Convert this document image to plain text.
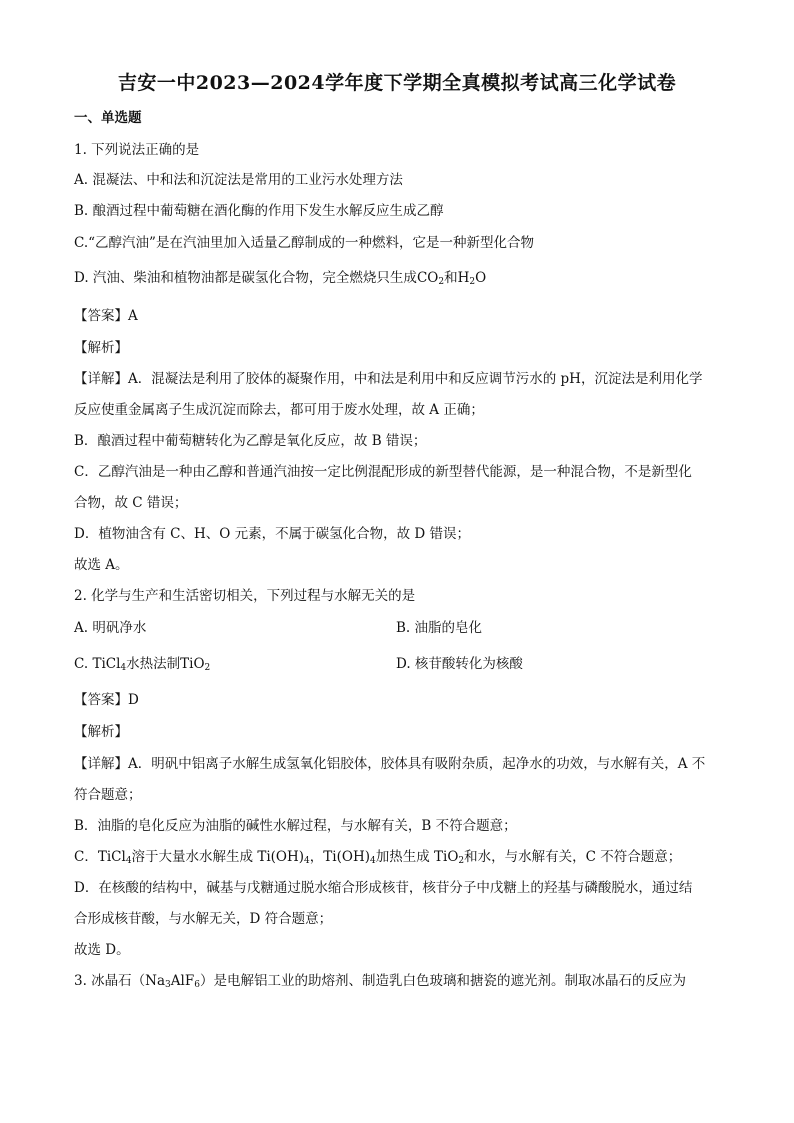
吉安一中2023—2024学年度下学期全真模拟考试高三化学试卷
一、单选题
1. 下列说法正确的是
A. 混凝法、中和法和沉淀法是常用的工业污水处理方法
B. 酿酒过程中葡萄糖在酒化酶的作用下发生水解反应生成乙醇
C.“乙醇汽油”是在汽油里加入适量乙醇制成的一种燃料，它是一种新型化合物
D. 汽油、柴油和植物油都是碳氢化合物，完全燃烧只生成$CO_2$和$H_2O$
【答案】A
【解析】
【详解】A．混凝法是利用了胶体的凝聚作用，中和法是利用中和反应调节污水的 pH，沉淀法是利用化学
反应使重金属离子生成沉淀而除去，都可用于废水处理，故 A 正确；
B．酿酒过程中葡萄糖转化为乙醇是氧化反应，故 B 错误；
C．乙醇汽油是一种由乙醇和普通汽油按一定比例混配形成的新型替代能源，是一种混合物，不是新型化
合物，故 C 错误；
D．植物油含有 C、H、O 元素，不属于碳氢化合物，故 D 错误；
故选 A。
2. 化学与生产和生活密切相关，下列过程与水解无关的是
A. 明矾净水	B. 油脂的皂化
C. TiCl$_4$水热法制TiO$_2$	D. 核苷酸转化为核酸
【答案】D
【解析】
【详解】A．明矾中铝离子水解生成氢氧化铝胶体，胶体具有吸附杂质，起净水的功效，与水解有关，A 不
符合题意；
B．油脂的皂化反应为油脂的碱性水解过程，与水解有关，B 不符合题意；
C．TiCl$_4$溶于大量水水解生成 $Ti(OH)_4$，$Ti(OH)_4$加热生成 TiO$_2$和水，与水解有关，C 不符合题意；
D．在核酸的结构中，碱基与戊糖通过脱水缩合形成核苷，核苷分子中戊糖上的羟基与磷酸脱水，通过结
合形成核苷酸，与水解无关，D 符合题意；
故选 D。
3. 冰晶石$(Na_3AlF_6)$是电解铝工业的助熔剂、制造乳白色玻璃和搪瓷的遮光剂。制取冰晶石的反应为
